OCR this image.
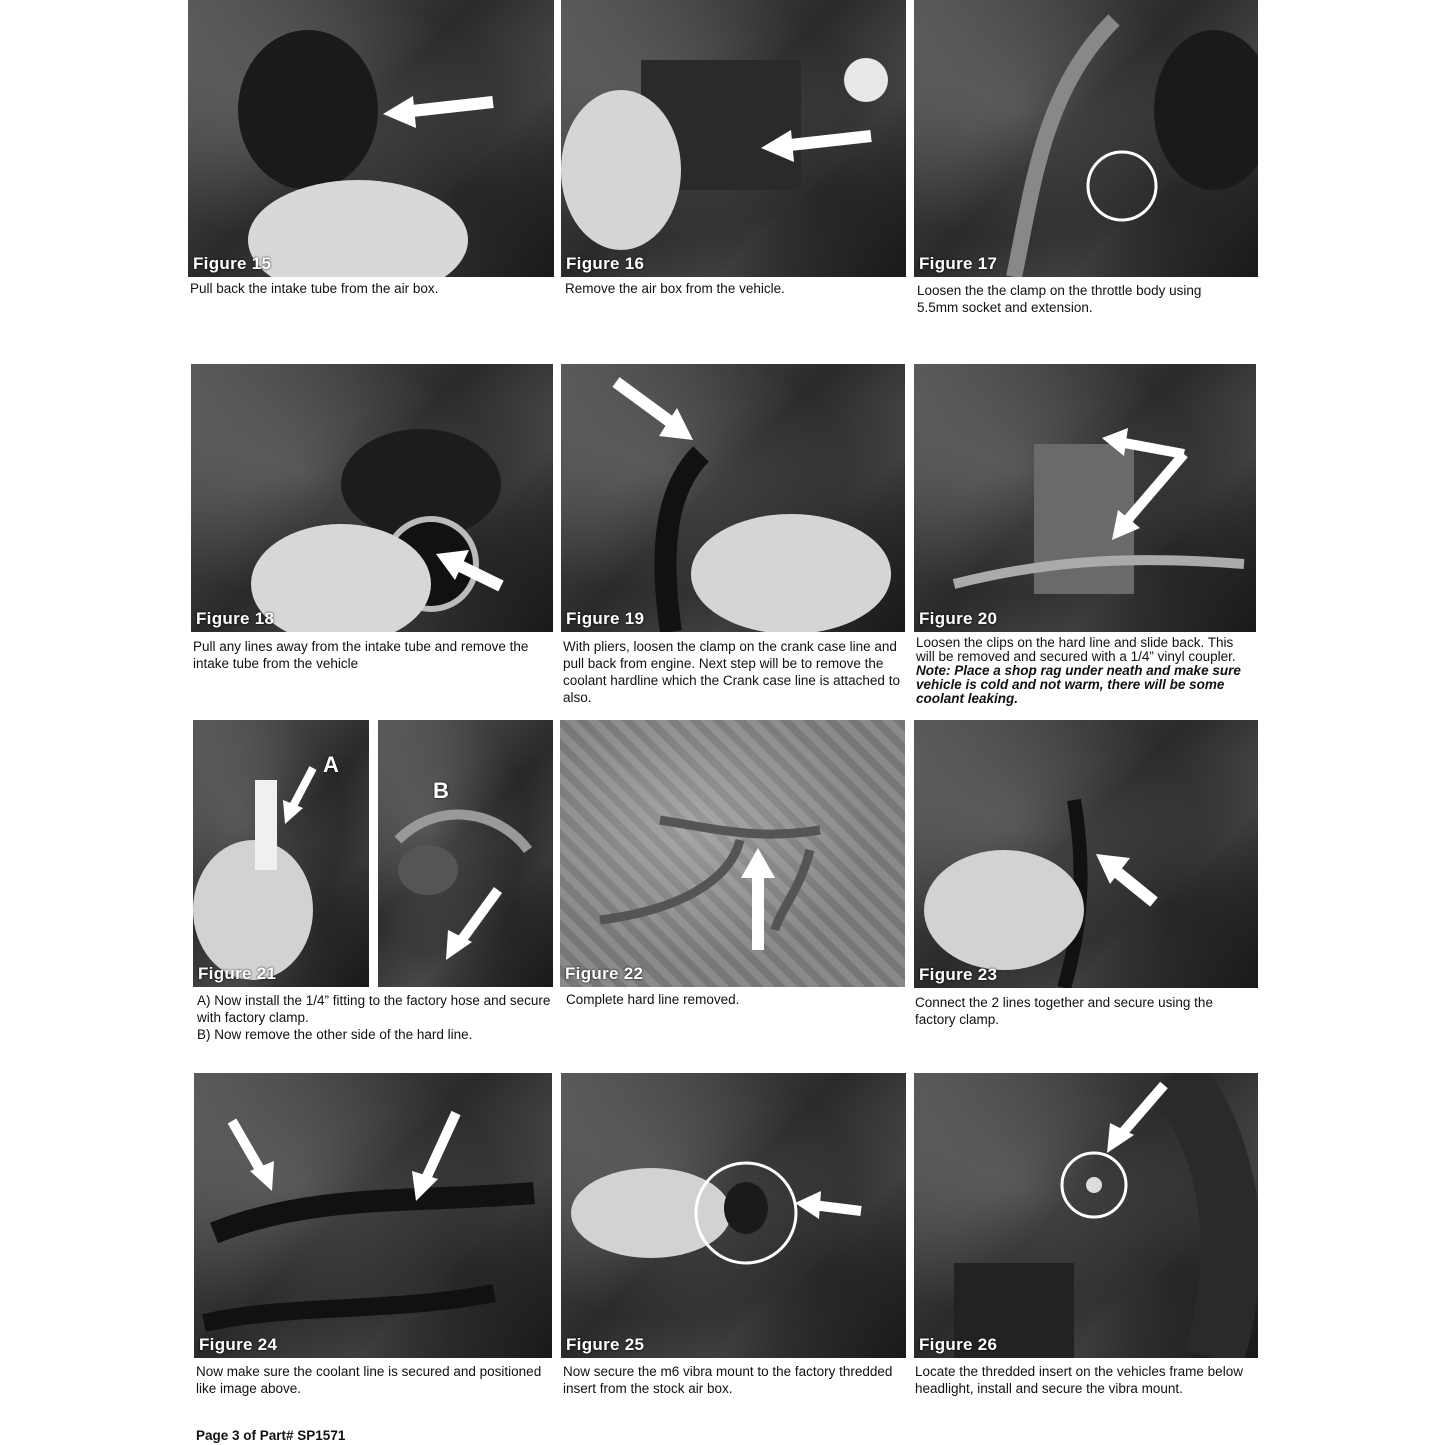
Figure 15

Pull back the intake tube from the air box.

Figure 16

Remove the air box from the vehicle.

Figure 17

Loosen the the clamp on the throttle body using 5.5mm socket and extension.

Figure 18

Pull any lines away from the intake tube and remove the intake tube from the vehicle

Figure 19

With pliers, loosen the clamp on the crank case line and pull back from engine. Next step will be to remove the coolant hardline which the Crank case line is attached to also.

Figure 20

Loosen the clips on the hard line and slide back. This will be removed and secured with a 1/4” vinyl coupler. Note: Place a shop rag under neath and make sure vehicle is cold and not warm, there will be some coolant leaking.

A
Figure 21
B

A) Now install the 1/4” fitting to the factory hose and secure with factory clamp.

B) Now remove the other side of the hard line.

Figure 22

Complete hard line removed.

Figure 23

Connect the 2 lines together and secure using the factory clamp.

Figure 24

Now make sure the coolant line is secured and positioned like image above.

Figure 25

Now secure the m6 vibra mount to the factory thredded insert from the stock air box.

Figure 26

Locate the thredded insert on the vehicles frame below headlight, install and secure the vibra mount.

Page 3 of Part# SP1571
